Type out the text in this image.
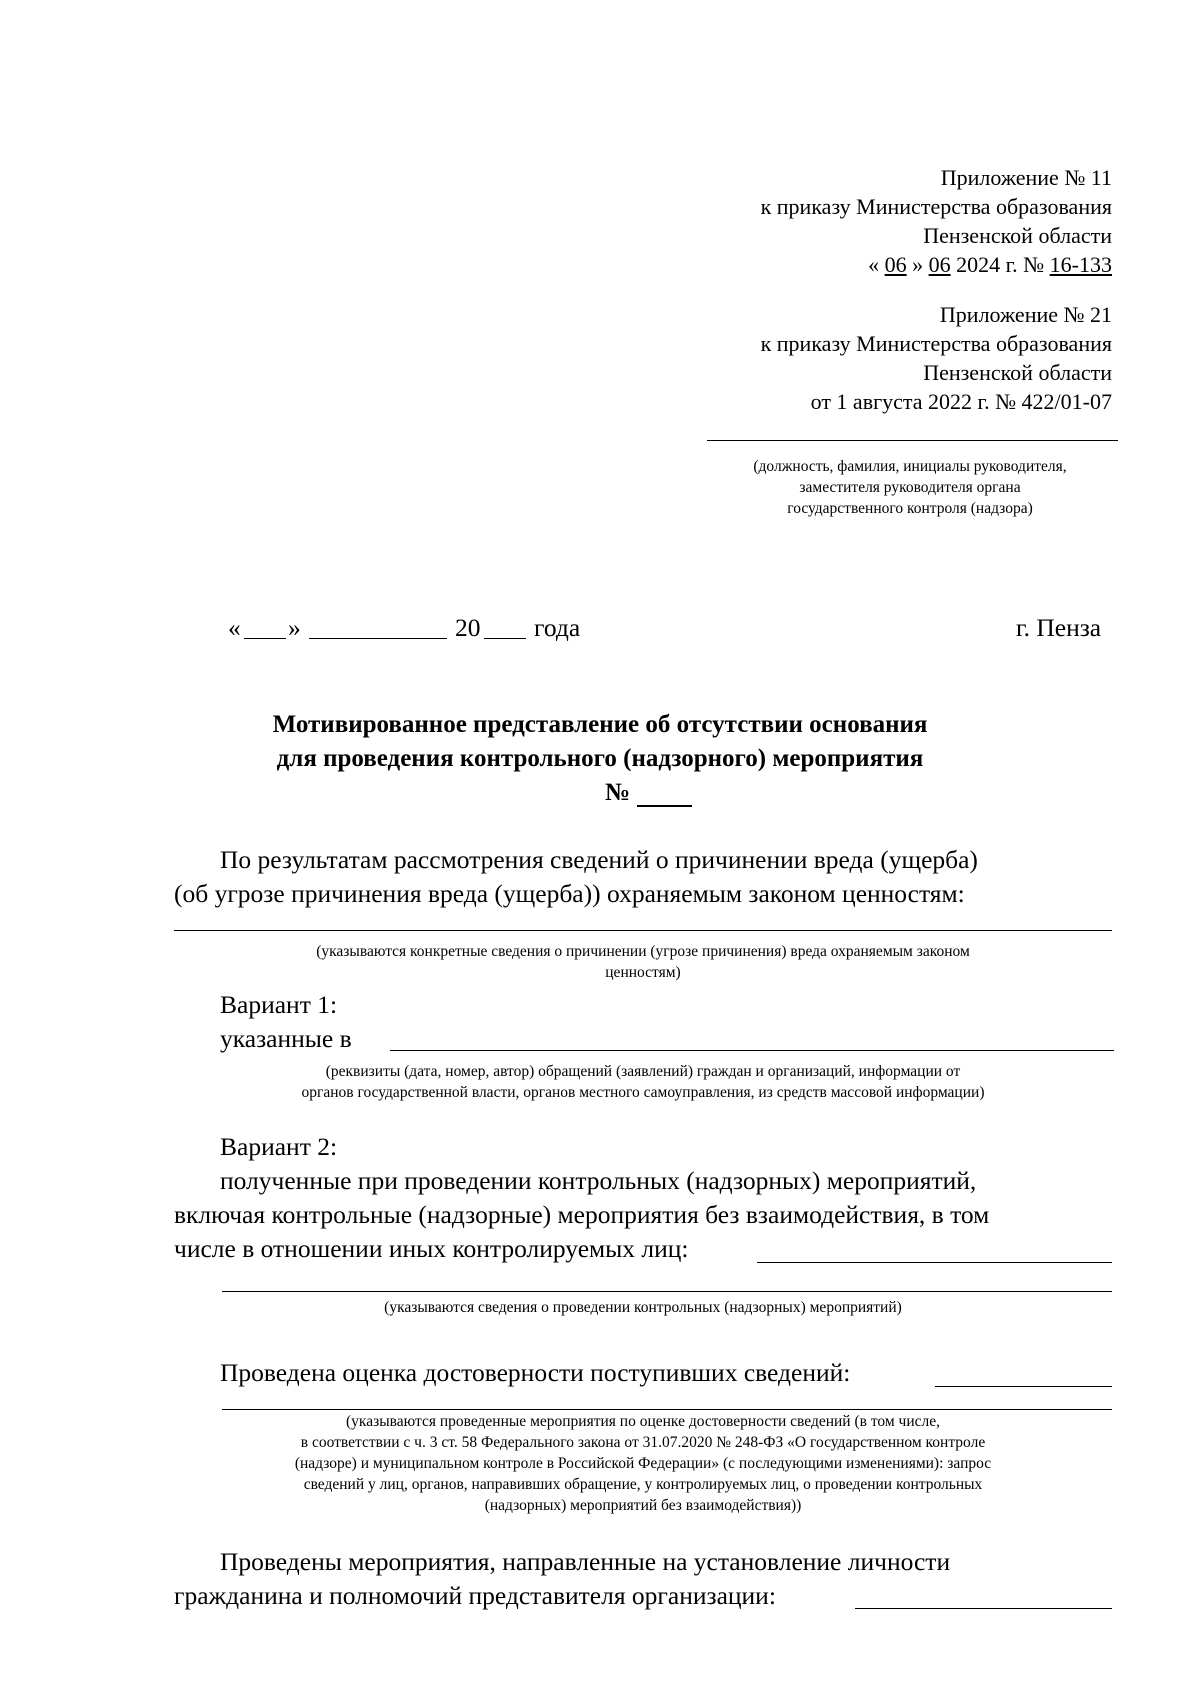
Приложение № 11
к приказу Министерства образования
Пензенской области
« 06 » 06 2024 г. № 16-133
Приложение № 21
к приказу Министерства образования
Пензенской области
от 1 августа 2022 г. № 422/01-07
(должность, фамилия, инициалы руководителя,
заместителя руководителя органа
государственного контроля (надзора)
« »	20 года	г. Пенза
Мотивированное представление об отсутствии основания
для проведения контрольного (надзорного) мероприятия
№
По результатам рассмотрения сведений о причинении вреда (ущерба)
(об угрозе причинения вреда (ущерба)) охраняемым законом ценностям:
(указываются конкретные сведения о причинении (угрозе причинения) вреда охраняемым законом
ценностям)
Вариант 1:
указанные в
(реквизиты (дата, номер, автор) обращений (заявлений) граждан и организаций, информации от
органов государственной власти, органов местного самоуправления, из средств массовой информации)
Вариант 2:
полученные при проведении контрольных (надзорных) мероприятий,
включая контрольные (надзорные) мероприятия без взаимодействия, в том
числе в отношении иных контролируемых лиц:
(указываются сведения о проведении контрольных (надзорных) мероприятий)
Проведена оценка достоверности поступивших сведений:
(указываются проведенные мероприятия по оценке достоверности сведений (в том числе,
в соответствии с ч. 3 ст. 58 Федерального закона от 31.07.2020 № 248-ФЗ «О государственном контроле
(надзоре) и муниципальном контроле в Российской Федерации» (с последующими изменениями): запрос
сведений у лиц, органов, направивших обращение, у контролируемых лиц, о проведении контрольных
(надзорных) мероприятий без взаимодействия))
Проведены мероприятия, направленные на установление личности
гражданина и полномочий представителя организации:
